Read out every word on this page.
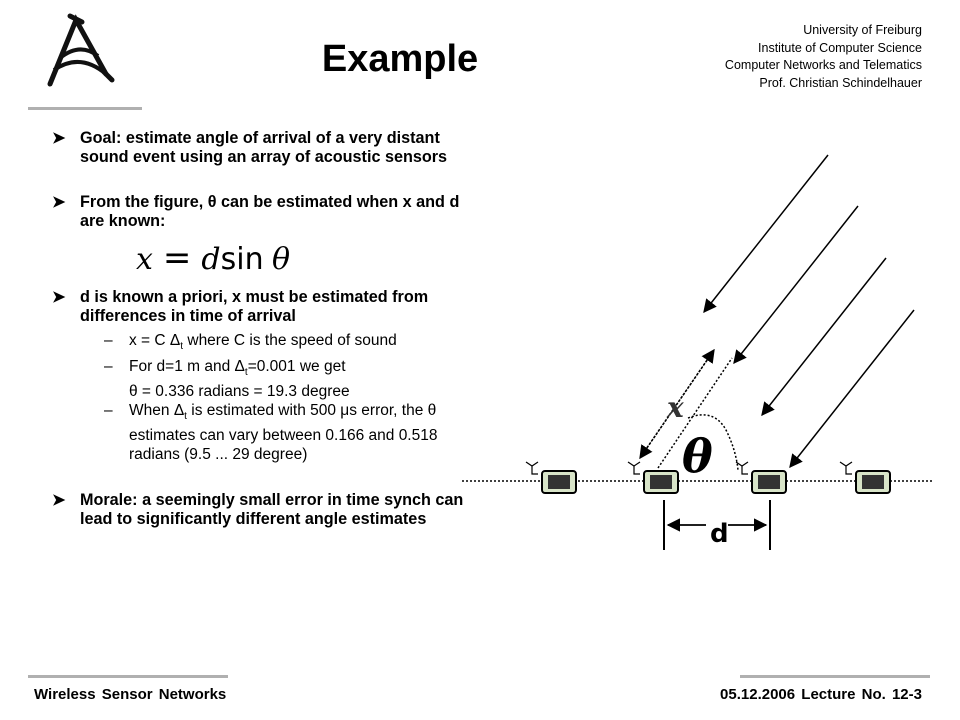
Example
University of Freiburg
Institute of Computer Science
Computer Networks and Telematics
Prof. Christian Schindelhauer
➤ Goal: estimate angle of arrival of a very distant sound event using an array of acoustic sensors
➤ From the figure, θ can be estimated when x and d are known:
x = dsin θ
➤ d is known a priori, x must be estimated from differences in time of arrival
– x = C $\Delta_t$ where C is the speed of sound
– For d=1 m and $\Delta_t=0.001$ we get
θ = 0.336 radians = 19.3 degree
– When $\Delta_t$ is estimated with 500 μs error, the θ estimates can vary between 0.166 and 0.518 radians (9.5 ... 29 degree)
➤ Morale: a seemingly small error in time synch can lead to significantly different angle estimates
x
θ
d
Wireless Sensor Networks	05.12.2006 Lecture No. 12-3
